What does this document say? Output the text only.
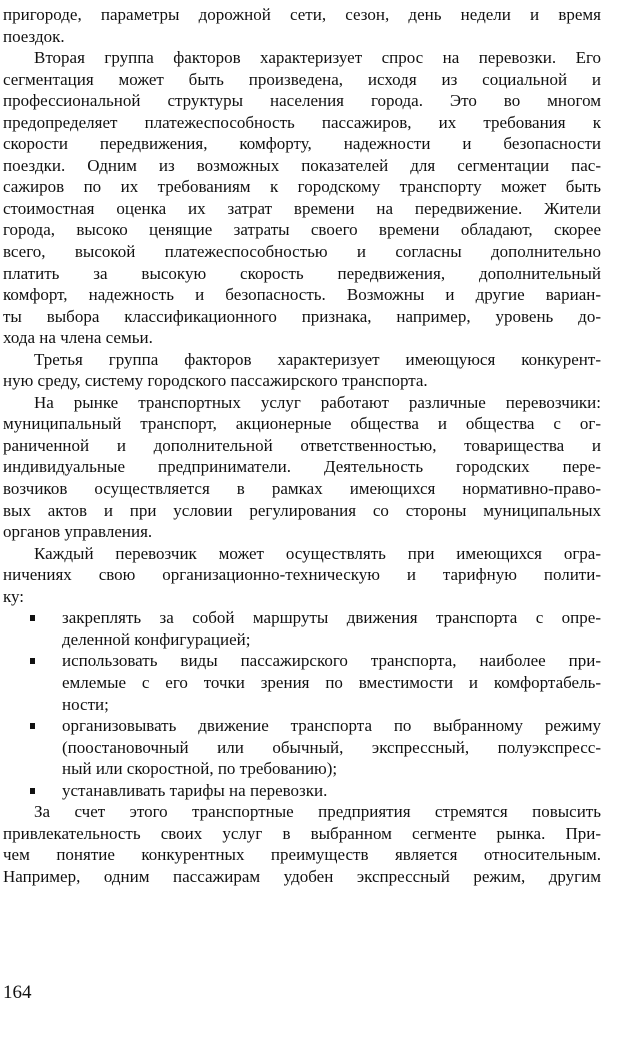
пригороде, параметры дорожной сети, сезон, день недели и время
поездок.
Вторая группа факторов характеризует спрос на перевозки. Его
сегментация может быть произведена, исходя из социальной и
профессиональной структуры населения города. Это во многом
предопределяет платежеспособность пассажиров, их требования к
скорости передвижения, комфорту, надежности и безопасности
поездки. Одним из возможных показателей для сегментации пас-
сажиров по их требованиям к городскому транспорту может быть
стоимостная оценка их затрат времени на передвижение. Жители
города, высоко ценящие затраты своего времени обладают, скорее
всего, высокой платежеспособностью и согласны дополнительно
платить за высокую скорость передвижения, дополнительный
комфорт, надежность и безопасность. Возможны и другие вариан-
ты выбора классификационного признака, например, уровень до-
хода на члена семьи.
Третья группа факторов характеризует имеющуюся конкурент-
ную среду, систему городского пассажирского транспорта.
На рынке транспортных услуг работают различные перевозчики:
муниципальный транспорт, акционерные общества и общества с ог-
раниченной и дополнительной ответственностью, товарищества и
индивидуальные предприниматели. Деятельность городских пере-
возчиков осуществляется в рамках имеющихся нормативно-право-
вых актов и при условии регулирования со стороны муниципальных
органов управления.
Каждый перевозчик может осуществлять при имеющихся огра-
ничениях свою организационно-техническую и тарифную полити-
ку:
закреплять за собой маршруты движения транспорта с опре-
деленной конфигурацией;
использовать виды пассажирского транспорта, наиболее при-
емлемые с его точки зрения по вместимости и комфортабель-
ности;
организовывать движение транспорта по выбранному режиму
(поостановочный или обычный, экспрессный, полуэкспресс-
ный или скоростной, по требованию);
устанавливать тарифы на перевозки.
За счет этого транспортные предприятия стремятся повысить
привлекательность своих услуг в выбранном сегменте рынка. При-
чем понятие конкурентных преимуществ является относительным.
Например, одним пассажирам удобен экспрессный режим, другим
164
